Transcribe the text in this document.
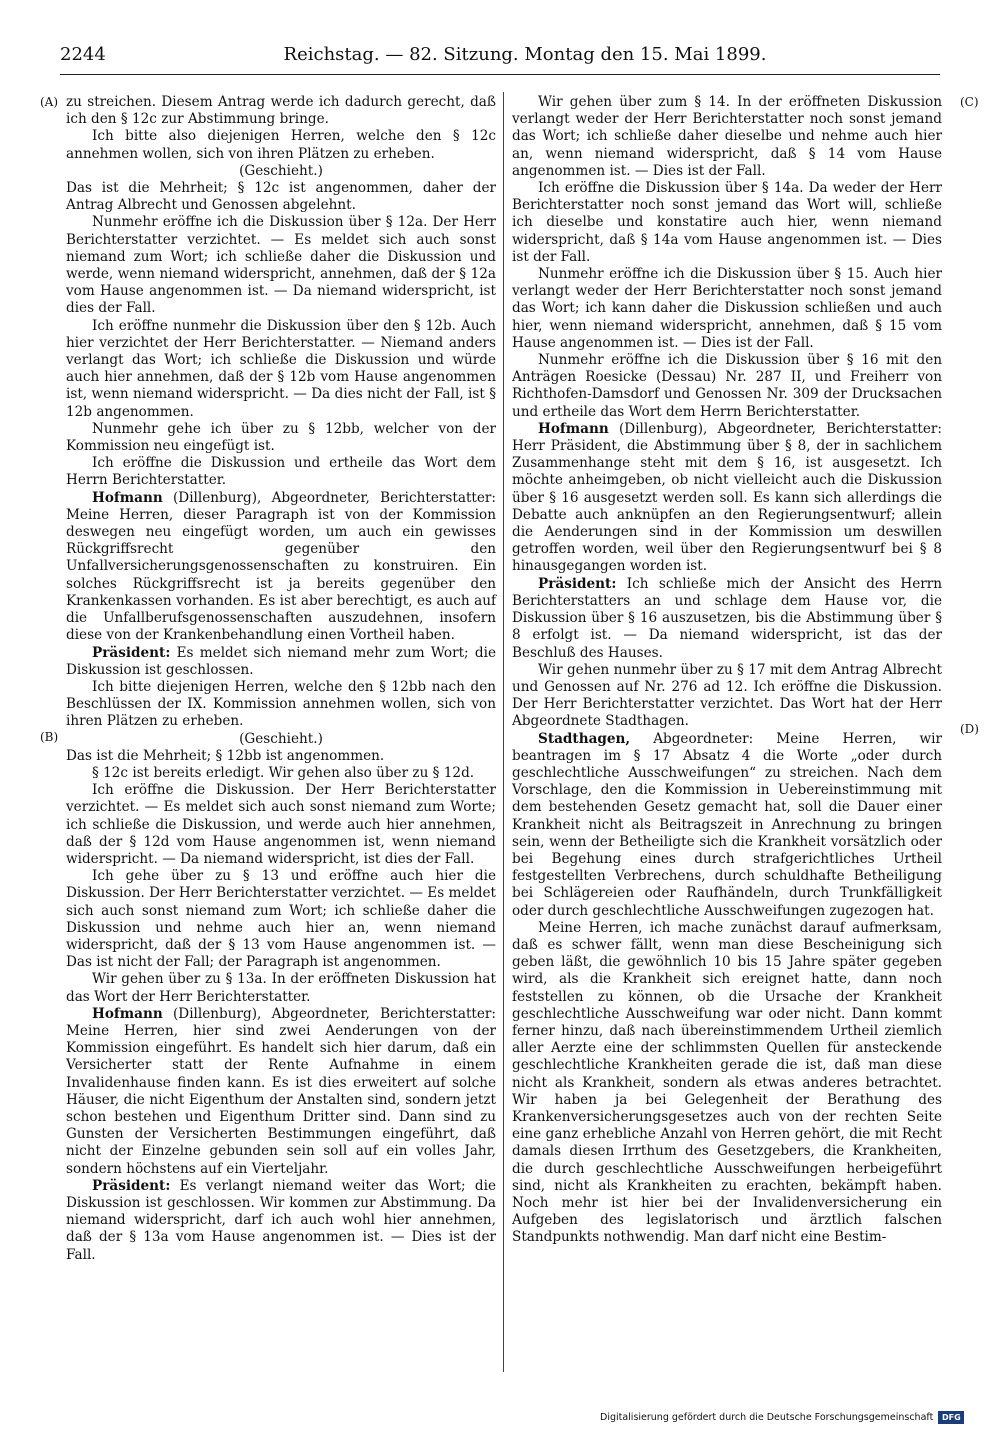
2244	Reichstag. — 82. Sitzung. Montag den 15. Mai 1899.
(A)
(B)
(C)
(D)

zu streichen. Diesem Antrag werde ich dadurch gerecht, daß ich den § 12c zur Abstimmung bringe.

Ich bitte also diejenigen Herren, welche den § 12c annehmen wollen, sich von ihren Plätzen zu erheben.

(Geschieht.)

Das ist die Mehrheit; § 12c ist angenommen, daher der Antrag Albrecht und Genossen abgelehnt.

Nunmehr eröffne ich die Diskussion über § 12a. Der Herr Berichterstatter verzichtet. — Es meldet sich auch sonst niemand zum Wort; ich schließe daher die Diskussion und werde, wenn niemand widerspricht, annehmen, daß der § 12a vom Hause angenommen ist. — Da niemand widerspricht, ist dies der Fall.

Ich eröffne nunmehr die Diskussion über den § 12b. Auch hier verzichtet der Herr Berichterstatter. — Niemand anders verlangt das Wort; ich schließe die Diskussion und würde auch hier annehmen, daß der § 12b vom Hause angenommen ist, wenn niemand widerspricht. — Da dies nicht der Fall, ist § 12b angenommen.

Nunmehr gehe ich über zu § 12bb, welcher von der Kommission neu eingefügt ist.

Ich eröffne die Diskussion und ertheile das Wort dem Herrn Berichterstatter.

Hofmann (Dillenburg), Abgeordneter, Berichterstatter: Meine Herren, dieser Paragraph ist von der Kommission deswegen neu eingefügt worden, um auch ein gewisses Rückgriffsrecht gegenüber den Unfallversicherungsgenossenschaften zu konstruiren. Ein solches Rückgriffsrecht ist ja bereits gegenüber den Krankenkassen vorhanden. Es ist aber berechtigt, es auch auf die Unfallberufsgenossenschaften auszudehnen, insofern diese von der Krankenbehandlung einen Vortheil haben.

Präsident: Es meldet sich niemand mehr zum Wort; die Diskussion ist geschlossen.

Ich bitte diejenigen Herren, welche den § 12bb nach den Beschlüssen der IX. Kommission annehmen wollen, sich von ihren Plätzen zu erheben.

(Geschieht.)

Das ist die Mehrheit; § 12bb ist angenommen.

§ 12c ist bereits erledigt. Wir gehen also über zu § 12d.

Ich eröffne die Diskussion. Der Herr Berichterstatter verzichtet. — Es meldet sich auch sonst niemand zum Worte; ich schließe die Diskussion, und werde auch hier annehmen, daß der § 12d vom Hause angenommen ist, wenn niemand widerspricht. — Da niemand widerspricht, ist dies der Fall.

Ich gehe über zu § 13 und eröffne auch hier die Diskussion. Der Herr Berichterstatter verzichtet. — Es meldet sich auch sonst niemand zum Wort; ich schließe daher die Diskussion und nehme auch hier an, wenn niemand widerspricht, daß der § 13 vom Hause angenommen ist. — Das ist nicht der Fall; der Paragraph ist angenommen.

Wir gehen über zu § 13a. In der eröffneten Diskussion hat das Wort der Herr Berichterstatter.

Hofmann (Dillenburg), Abgeordneter, Berichterstatter: Meine Herren, hier sind zwei Aenderungen von der Kommission eingeführt. Es handelt sich hier darum, daß ein Versicherter statt der Rente Aufnahme in einem Invalidenhause finden kann. Es ist dies erweitert auf solche Häuser, die nicht Eigenthum der Anstalten sind, sondern jetzt schon bestehen und Eigenthum Dritter sind. Dann sind zu Gunsten der Versicherten Bestimmungen eingeführt, daß nicht der Einzelne gebunden sein soll auf ein volles Jahr, sondern höchstens auf ein Vierteljahr.

Präsident: Es verlangt niemand weiter das Wort; die Diskussion ist geschlossen. Wir kommen zur Abstimmung. Da niemand widerspricht, darf ich auch wohl hier annehmen, daß der § 13a vom Hause angenommen ist. — Dies ist der Fall.

Wir gehen über zum § 14. In der eröffneten Diskussion verlangt weder der Herr Berichterstatter noch sonst jemand das Wort; ich schließe daher dieselbe und nehme auch hier an, wenn niemand widerspricht, daß § 14 vom Hause angenommen ist. — Dies ist der Fall.

Ich eröffne die Diskussion über § 14a. Da weder der Herr Berichterstatter noch sonst jemand das Wort will, schließe ich dieselbe und konstatire auch hier, wenn niemand widerspricht, daß § 14a vom Hause angenommen ist. — Dies ist der Fall.

Nunmehr eröffne ich die Diskussion über § 15. Auch hier verlangt weder der Herr Berichterstatter noch sonst jemand das Wort; ich kann daher die Diskussion schließen und auch hier, wenn niemand widerspricht, annehmen, daß § 15 vom Hause angenommen ist. — Dies ist der Fall.

Nunmehr eröffne ich die Diskussion über § 16 mit den Anträgen Roesicke (Dessau) Nr. 287 II, und Freiherr von Richthofen-Damsdorf und Genossen Nr. 309 der Drucksachen und ertheile das Wort dem Herrn Berichterstatter.

Hofmann (Dillenburg), Abgeordneter, Berichterstatter: Herr Präsident, die Abstimmung über § 8, der in sachlichem Zusammenhange steht mit dem § 16, ist ausgesetzt. Ich möchte anheimgeben, ob nicht vielleicht auch die Diskussion über § 16 ausgesetzt werden soll. Es kann sich allerdings die Debatte auch anknüpfen an den Regierungsentwurf; allein die Aenderungen sind in der Kommission um deswillen getroffen worden, weil über den Regierungsentwurf bei § 8 hinausgegangen worden ist.

Präsident: Ich schließe mich der Ansicht des Herrn Berichterstatters an und schlage dem Hause vor, die Diskussion über § 16 auszusetzen, bis die Abstimmung über § 8 erfolgt ist. — Da niemand widerspricht, ist das der Beschluß des Hauses.

Wir gehen nunmehr über zu § 17 mit dem Antrag Albrecht und Genossen auf Nr. 276 ad 12. Ich eröffne die Diskussion. Der Herr Berichterstatter verzichtet. Das Wort hat der Herr Abgeordnete Stadthagen.

Stadthagen, Abgeordneter: Meine Herren, wir beantragen im § 17 Absatz 4 die Worte „oder durch geschlechtliche Ausschweifungen“ zu streichen. Nach dem Vorschlage, den die Kommission in Uebereinstimmung mit dem bestehenden Gesetz gemacht hat, soll die Dauer einer Krankheit nicht als Beitragszeit in Anrechnung zu bringen sein, wenn der Betheiligte sich die Krankheit vorsätzlich oder bei Begehung eines durch strafgerichtliches Urtheil festgestellten Verbrechens, durch schuldhafte Betheiligung bei Schlägereien oder Raufhändeln, durch Trunkfälligkeit oder durch geschlechtliche Ausschweifungen zugezogen hat.

Meine Herren, ich mache zunächst darauf aufmerksam, daß es schwer fällt, wenn man diese Bescheinigung sich geben läßt, die gewöhnlich 10 bis 15 Jahre später gegeben wird, als die Krankheit sich ereignet hatte, dann noch feststellen zu können, ob die Ursache der Krankheit geschlechtliche Ausschweifung war oder nicht. Dann kommt ferner hinzu, daß nach übereinstimmendem Urtheil ziemlich aller Aerzte eine der schlimmsten Quellen für ansteckende geschlechtliche Krankheiten gerade die ist, daß man diese nicht als Krankheit, sondern als etwas anderes betrachtet. Wir haben ja bei Gelegenheit der Berathung des Krankenversicherungsgesetzes auch von der rechten Seite eine ganz erhebliche Anzahl von Herren gehört, die mit Recht damals diesen Irrthum des Gesetzgebers, die Krankheiten, die durch geschlechtliche Ausschweifungen herbeigeführt sind, nicht als Krankheiten zu erachten, bekämpft haben. Noch mehr ist hier bei der Invalidenversicherung ein Aufgeben des legislatorisch und ärztlich falschen Standpunkts nothwendig. Man darf nicht eine Bestim-

Digitalisierung gefördert durch die Deutsche Forschungsgemeinschaft	DFG
